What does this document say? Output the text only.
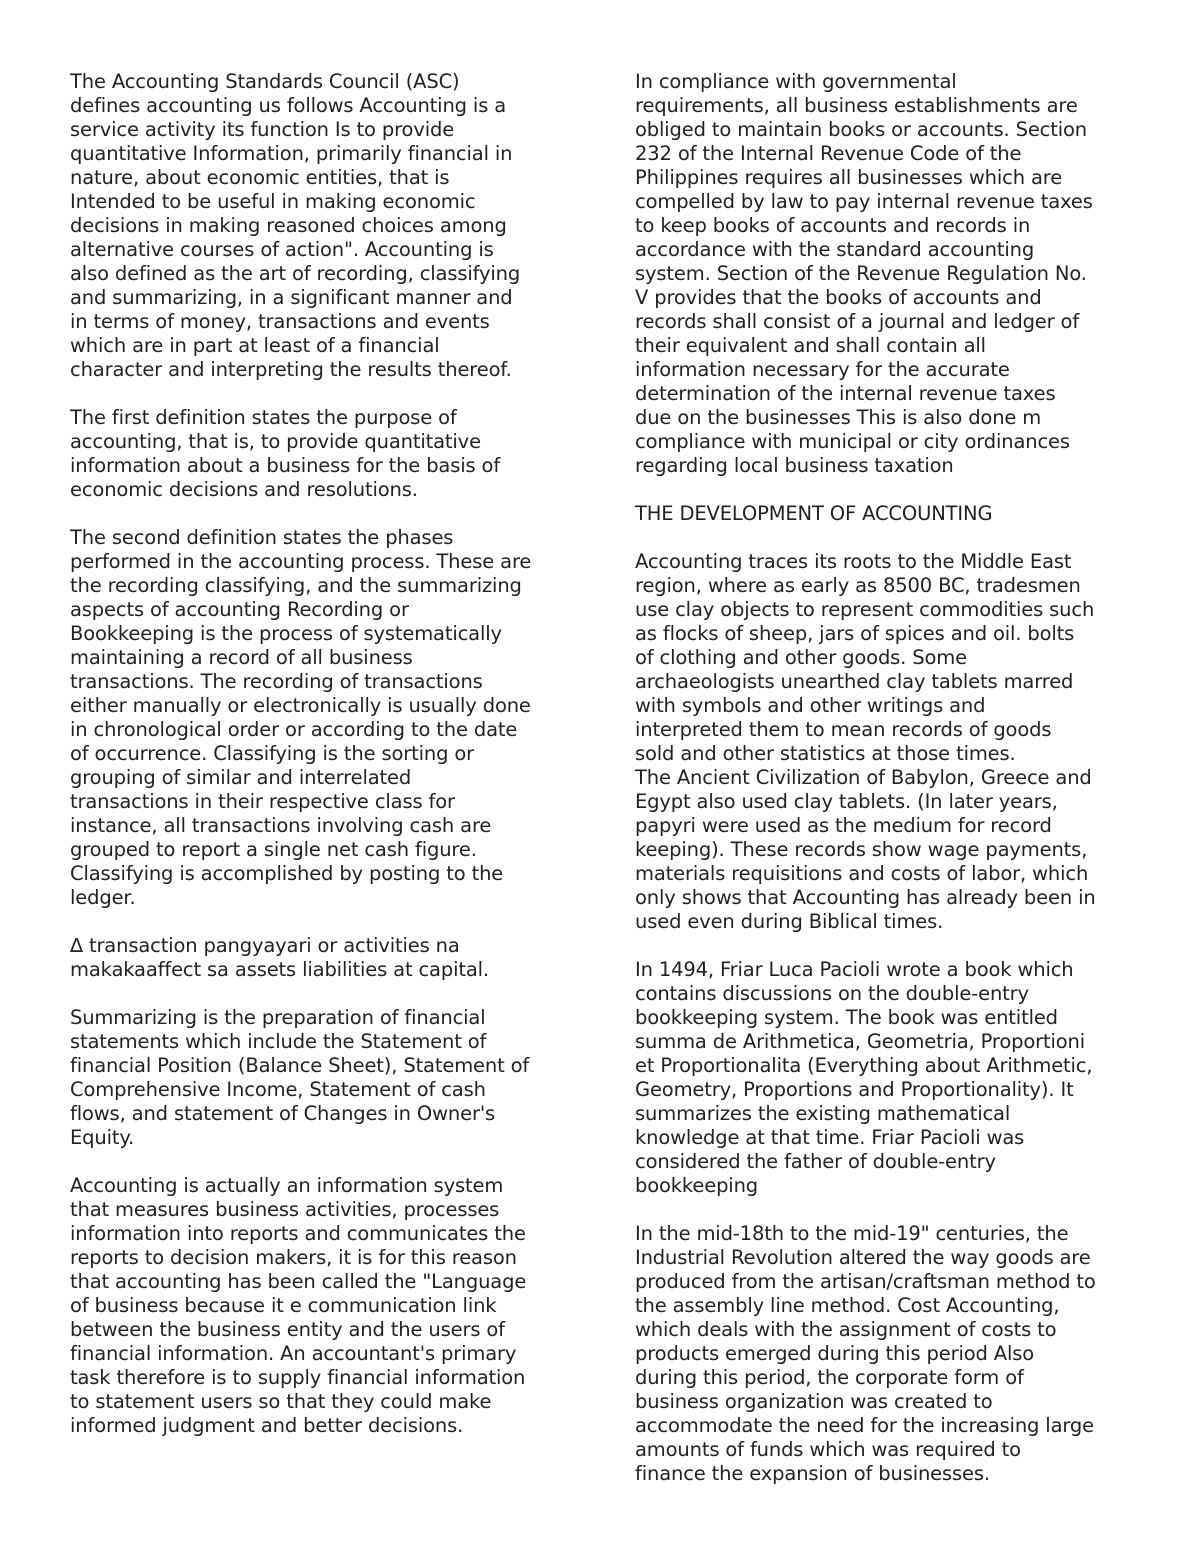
The Accounting Standards Council (ASC)
defines accounting us follows Accounting is a
service activity its function Is to provide
quantitative Information, primarily financial in
nature, about economic entities, that is
Intended to be useful in making economic
decisions in making reasoned choices among
alternative courses of action". Accounting is
also defined as the art of recording, classifying
and summarizing, in a significant manner and
in terms of money, transactions and events
which are in part at least of a financial
character and interpreting the results thereof.
The first definition states the purpose of
accounting, that is, to provide quantitative
information about a business for the basis of
economic decisions and resolutions.
The second definition states the phases
performed in the accounting process. These are
the recording classifying, and the summarizing
aspects of accounting Recording or
Bookkeeping is the process of systematically
maintaining a record of all business
transactions. The recording of transactions
either manually or electronically is usually done
in chronological order or according to the date
of occurrence. Classifying is the sorting or
grouping of similar and interrelated
transactions in their respective class for
instance, all transactions involving cash are
grouped to report a single net cash figure.
Classifying is accomplished by posting to the
ledger.
∆ transaction pangyayari or activities na
makakaaffect sa assets liabilities at capital.
Summarizing is the preparation of financial
statements which include the Statement of
financial Position (Balance Sheet), Statement of
Comprehensive Income, Statement of cash
flows, and statement of Changes in Owner's
Equity.
Accounting is actually an information system
that measures business activities, processes
information into reports and communicates the
reports to decision makers, it is for this reason
that accounting has been called the "Language
of business because it e communication link
between the business entity and the users of
financial information. An accountant's primary
task therefore is to supply financial information
to statement users so that they could make
informed judgment and better decisions.
In compliance with governmental
requirements, all business establishments are
obliged to maintain books or accounts. Section
232 of the Internal Revenue Code of the
Philippines requires all businesses which are
compelled by law to pay internal revenue taxes
to keep books of accounts and records in
accordance with the standard accounting
system. Section of the Revenue Regulation No.
V provides that the books of accounts and
records shall consist of a journal and ledger of
their equivalent and shall contain all
information necessary for the accurate
determination of the internal revenue taxes
due on the businesses This is also done m
compliance with municipal or city ordinances
regarding local business taxation
THE DEVELOPMENT OF ACCOUNTING
Accounting traces its roots to the Middle East
region, where as early as 8500 BC, tradesmen
use clay objects to represent commodities such
as flocks of sheep, jars of spices and oil. bolts
of clothing and other goods. Some
archaeologists unearthed clay tablets marred
with symbols and other writings and
interpreted them to mean records of goods
sold and other statistics at those times.
The Ancient Civilization of Babylon, Greece and
Egypt also used clay tablets. (In later years,
papyri were used as the medium for record
keeping). These records show wage payments,
materials requisitions and costs of labor, which
only shows that Accounting has already been in
used even during Biblical times.
In 1494, Friar Luca Pacioli wrote a book which
contains discussions on the double-entry
bookkeeping system. The book was entitled
summa de Arithmetica, Geometria, Proportioni
et Proportionalita (Everything about Arithmetic,
Geometry, Proportions and Proportionality). It
summarizes the existing mathematical
knowledge at that time. Friar Pacioli was
considered the father of double-entry
bookkeeping
In the mid-18th to the mid-19" centuries, the
Industrial Revolution altered the way goods are
produced from the artisan/craftsman method to
the assembly line method. Cost Accounting,
which deals with the assignment of costs to
products emerged during this period Also
during this period, the corporate form of
business organization was created to
accommodate the need for the increasing large
amounts of funds which was required to
finance the expansion of businesses.
